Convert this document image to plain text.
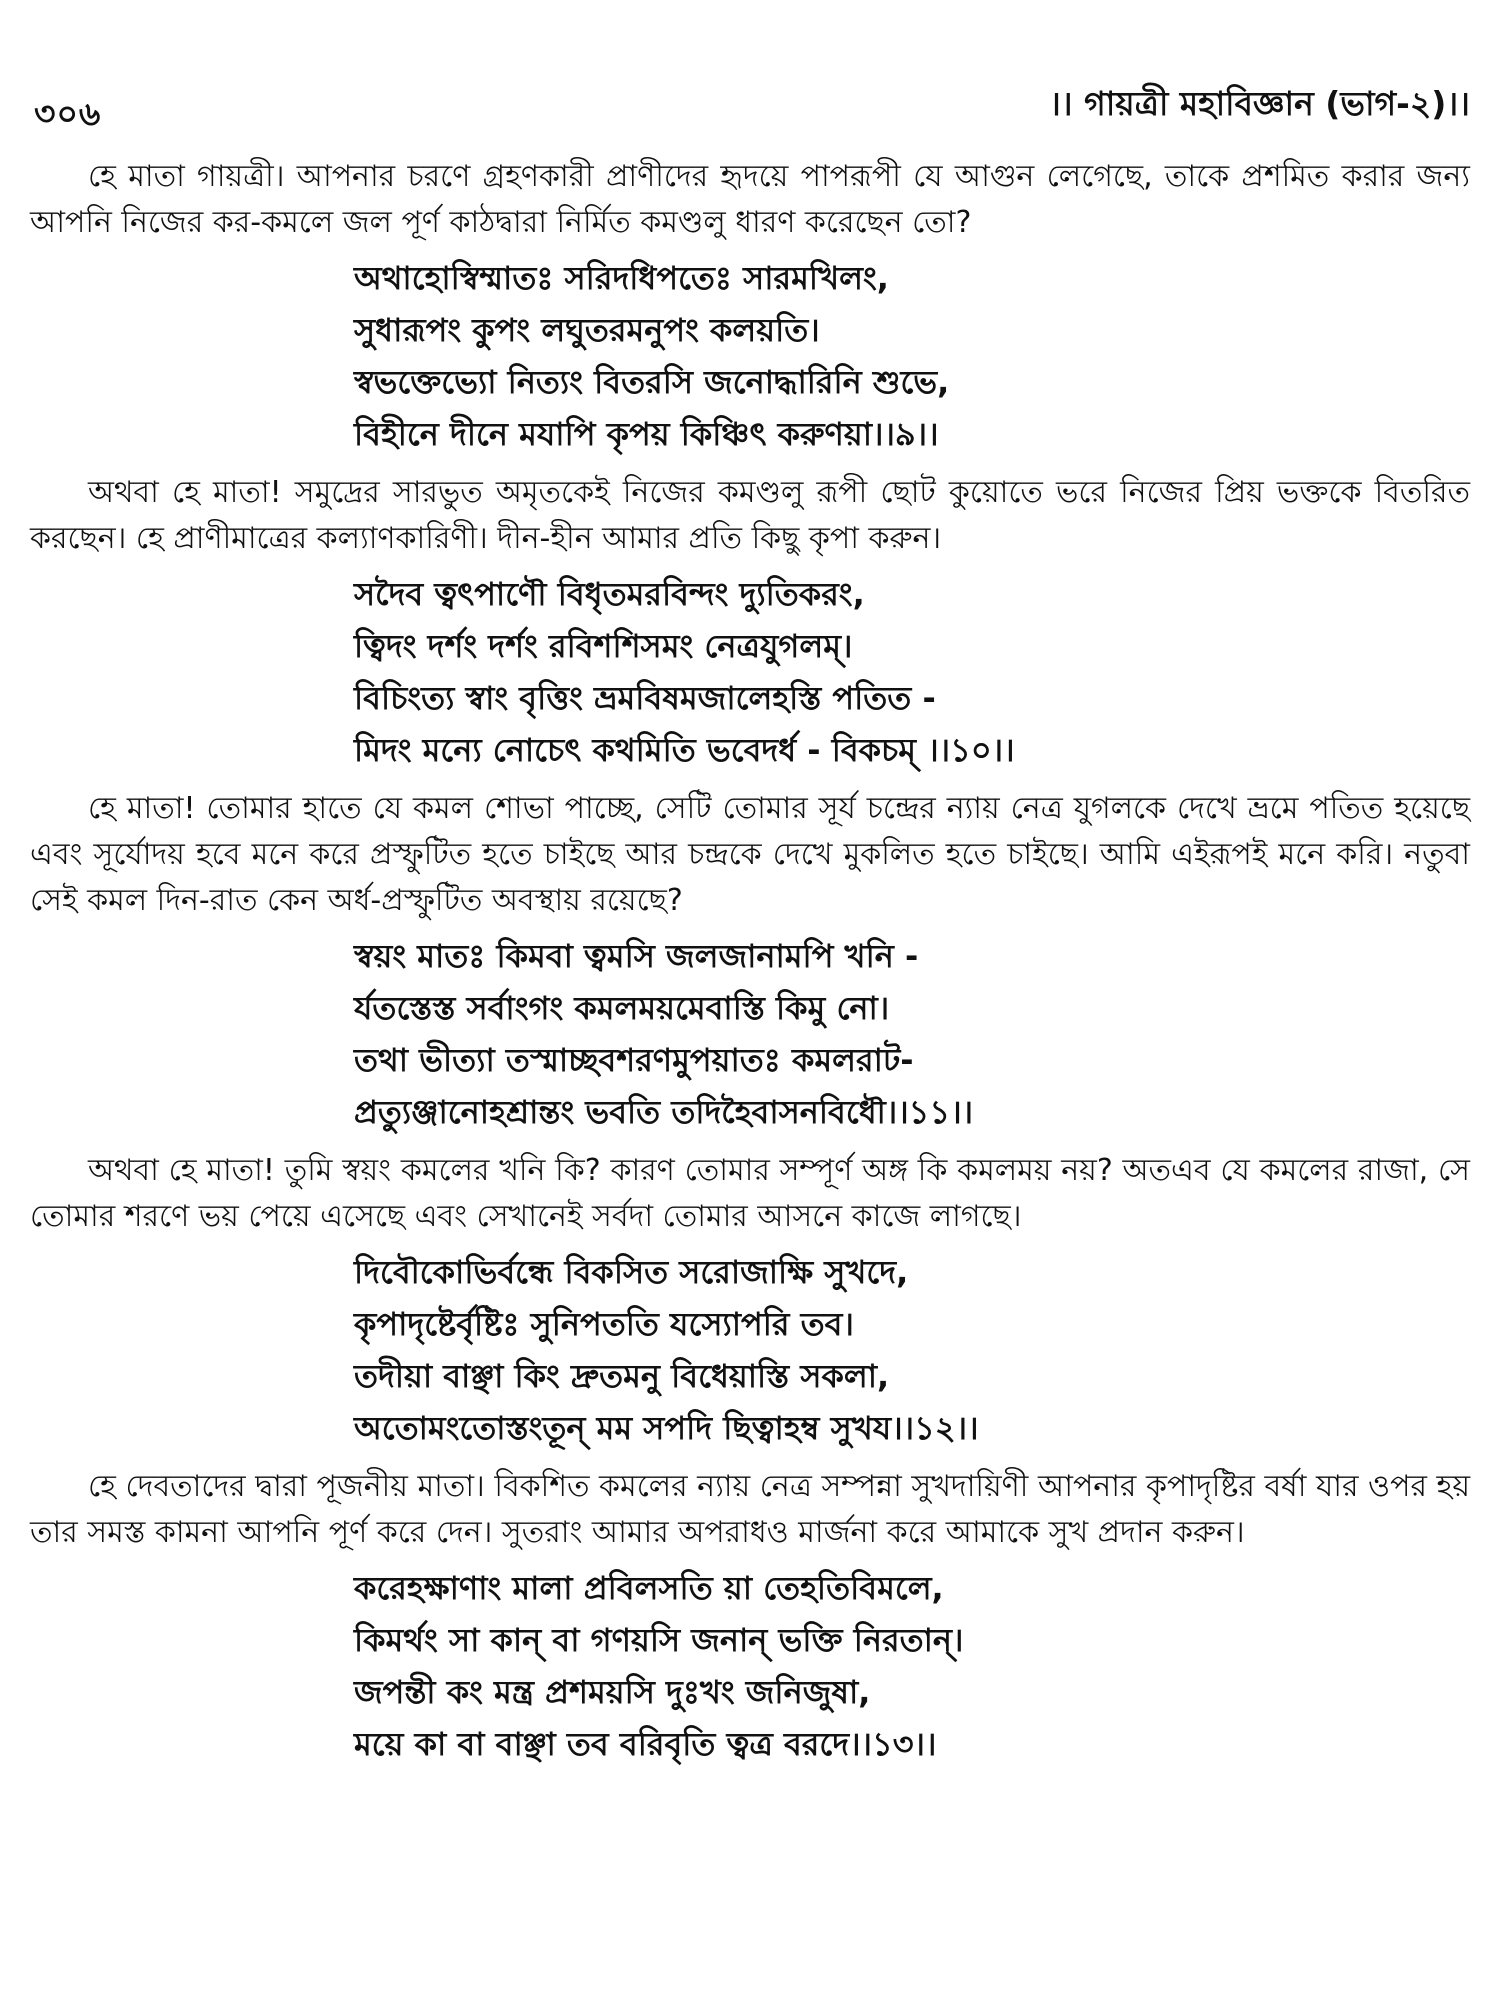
৩০৬	।। গায়ত্রী মহাবিজ্ঞান (ভাগ-২)।।

হে মাতা গায়ত্রী। আপনার চরণে গ্রহণকারী প্রাণীদের হৃদয়ে পাপরূপী যে আগুন লেগেছে, তাকে প্রশমিত করার জন্য আপনি নিজের কর-কমলে জল পূর্ণ কাঠদ্বারা নির্মিত কমণ্ডলু ধারণ করেছেন তো?

অথাহোস্বিম্মাতঃ সরিদধিপতেঃ সারমখিলং,
সুধারূপং কুপং লঘুতরমনুপং কলয়তি।
স্বভক্তেভ্যো নিত্যং বিতরসি জনোদ্ধারিনি শুভে,
বিহীনে দীনে মযাপি কৃপয় কিঞ্চিৎ করুণয়া।।৯।।

অথবা হে মাতা! সমুদ্রের সারভুত অমৃতকেই নিজের কমণ্ডলু রূপী ছোট কুয়োতে ভরে নিজের প্রিয় ভক্তকে বিতরিত করছেন। হে প্রাণীমাত্রের কল্যাণকারিণী। দীন-হীন আমার প্রতি কিছু কৃপা করুন।

সদৈব ত্বৎপাণৌ বিধৃতমরবিন্দং দ্যুতিকরং,
ত্বিদং দর্শং দর্শং রবিশশিসমং নেত্রযুগলম্।
বিচিংত্য স্বাং বৃত্তিং ভ্রমবিষমজালেহস্তি পতিত -
মিদং মন্যে নোচেৎ কথমিতি ভবেদর্ধ - বিকচম্ ।।১০।।

হে মাতা! তোমার হাতে যে কমল শোভা পাচ্ছে, সেটি তোমার সূর্য চন্দ্রের ন্যায় নেত্র যুগলকে দেখে ভ্রমে পতিত হয়েছে এবং সূর্যোদয় হবে মনে করে প্রস্ফুটিত হতে চাইছে আর চন্দ্রকে দেখে মুকলিত হতে চাইছে। আমি এইরূপই মনে করি। নতুবা সেই কমল দিন-রাত কেন অর্ধ-প্রস্ফুটিত অবস্থায় রয়েছে?

স্বয়ং মাতঃ কিমবা ত্বমসি জলজানামপি খনি -
র্যতস্তেস্ত সর্বাংগং কমলময়মেবাস্তি কিমু নো।
তথা ভীত্যা তস্মাচ্ছবশরণমুপয়াতঃ কমলরাট-
প্রত্যুঞ্জানোহশ্রান্তং ভবতি তদিহৈবাসনবিধৌ।।১১।।

অথবা হে মাতা! তুমি স্বয়ং কমলের খনি কি? কারণ তোমার সম্পূর্ণ অঙ্গ কি কমলময় নয়? অতএব যে কমলের রাজা, সে তোমার শরণে ভয় পেয়ে এসেছে এবং সেখানেই সর্বদা তোমার আসনে কাজে লাগছে।

দিবৌকোভির্বন্ধে বিকসিত সরোজাক্ষি সুখদে,
কৃপাদৃষ্টের্বৃষ্টিঃ সুনিপততি যস্যোপরি তব।
তদীয়া বাঞ্ছা কিং দ্রুতমনু বিধেয়াস্তি সকলা,
অতোমংতোস্তংতূন্ মম সপদি ছিত্বাহম্ব সুখয।।১২।।

হে দেবতাদের দ্বারা পূজনীয় মাতা। বিকশিত কমলের ন্যায় নেত্র সম্পন্না সুখদায়িণী আপনার কৃপাদৃষ্টির বর্ষা যার ওপর হয় তার সমস্ত কামনা আপনি পূর্ণ করে দেন। সুতরাং আমার অপরাধও মার্জনা করে আমাকে সুখ প্রদান করুন।

করেহক্ষাণাং মালা প্রবিলসতি য়া তেহতিবিমলে,
কিমর্থং সা কান্ বা গণয়সি জনান্ ভক্তি নিরতান্।
জপন্তী কং মন্ত্র প্রশময়সি দুঃখং জনিজুষা,
ময়ে কা বা বাঞ্ছা তব বরিবৃতি ত্বত্র বরদে।।১৩।।
